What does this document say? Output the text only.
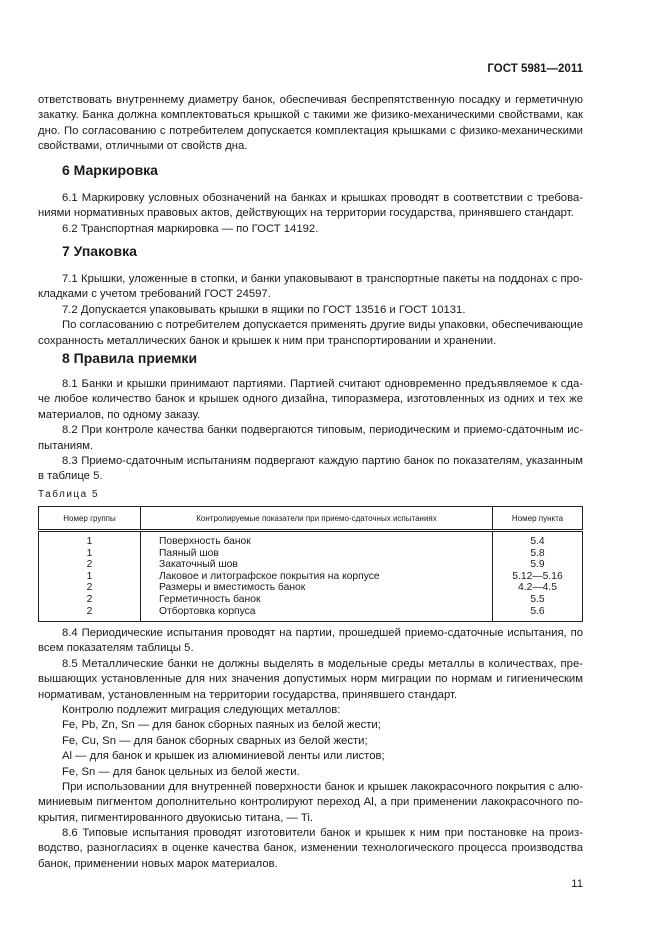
ГОСТ 5981—2011
ответствовать внутреннему диаметру банок, обеспечивая беспрепятственную посадку и герметичную
закатку. Банка должна комплектоваться крышкой с такими же физико-механическими свойствами, как
дно. По согласованию с потребителем допускается комплектация крышками с физико-механическими
свойствами, отличными от свойств дна.
6 Маркировка
6.1 Маркировку условных обозначений на банках и крышках проводят в соответствии с требова-
ниями нормативных правовых актов, действующих на территории государства, принявшего стандарт.
6.2 Транспортная маркировка — по ГОСТ 14192.
7 Упаковка
7.1 Крышки, уложенные в стопки, и банки упаковывают в транспортные пакеты на поддонах с про-
кладками с учетом требований ГОСТ 24597.
7.2 Допускается упаковывать крышки в ящики по ГОСТ 13516 и ГОСТ 10131.
По согласованию с потребителем допускается применять другие виды упаковки, обеспечивающие
сохранность металлических банок и крышек к ним при транспортировании и хранении.
8 Правила приемки
8.1 Банки и крышки принимают партиями. Партией считают одновременно предъявляемое к сда-
че любое количество банок и крышек одного дизайна, типоразмера, изготовленных из одних и тех же
материалов, по одному заказу.
8.2 При контроле качества банки подвергаются типовым, периодическим и приемо-сдаточным ис-
пытаниям.
8.3 Приемо-сдаточным испытаниям подвергают каждую партию банок по показателям, указанным
в таблице 5.
Таблица 5
Номер группы	Контролируемые показатели при приемо-сдаточных испытаниях	Номер пункта
1	Поверхность банок	5.4
1	Паяный шов	5.8
2	Закаточный шов	5.9
1	Лаковое и литографское покрытия на корпусе	5.12—5.16
2	Размеры и вместимость банок	4.2—4.5
2	Герметичность банок	5.5
2	Отбортовка корпуса	5.6
8.4 Периодические испытания проводят на партии, прошедшей приемо-сдаточные испытания, по
всем показателям таблицы 5.
8.5 Металлические банки не должны выделять в модельные среды металлы в количествах, пре-
вышающих установленные для них значения допустимых норм миграции по нормам и гигиеническим
нормативам, установленным на территории государства, принявшего стандарт.
Контролю подлежит миграция следующих металлов:
Fe, Pb, Zn, Sn — для банок сборных паяных из белой жести;
Fe, Cu, Sn — для банок сборных сварных из белой жести;
Al — для банок и крышек из алюминиевой ленты или листов;
Fe, Sn — для банок цельных из белой жести.
При использовании для внутренней поверхности банок и крышек лакокрасочного покрытия с алю-
миниевым пигментом дополнительно контролируют переход Al, а при применении лакокрасочного по-
крытия, пигментированного двуокисью титана, — Ti.
8.6 Типовые испытания проводят изготовители банок и крышек к ним при постановке на произ-
водство, разногласиях в оценке качества банок, изменении технологического процесса производства
банок, применении новых марок материалов.
11
